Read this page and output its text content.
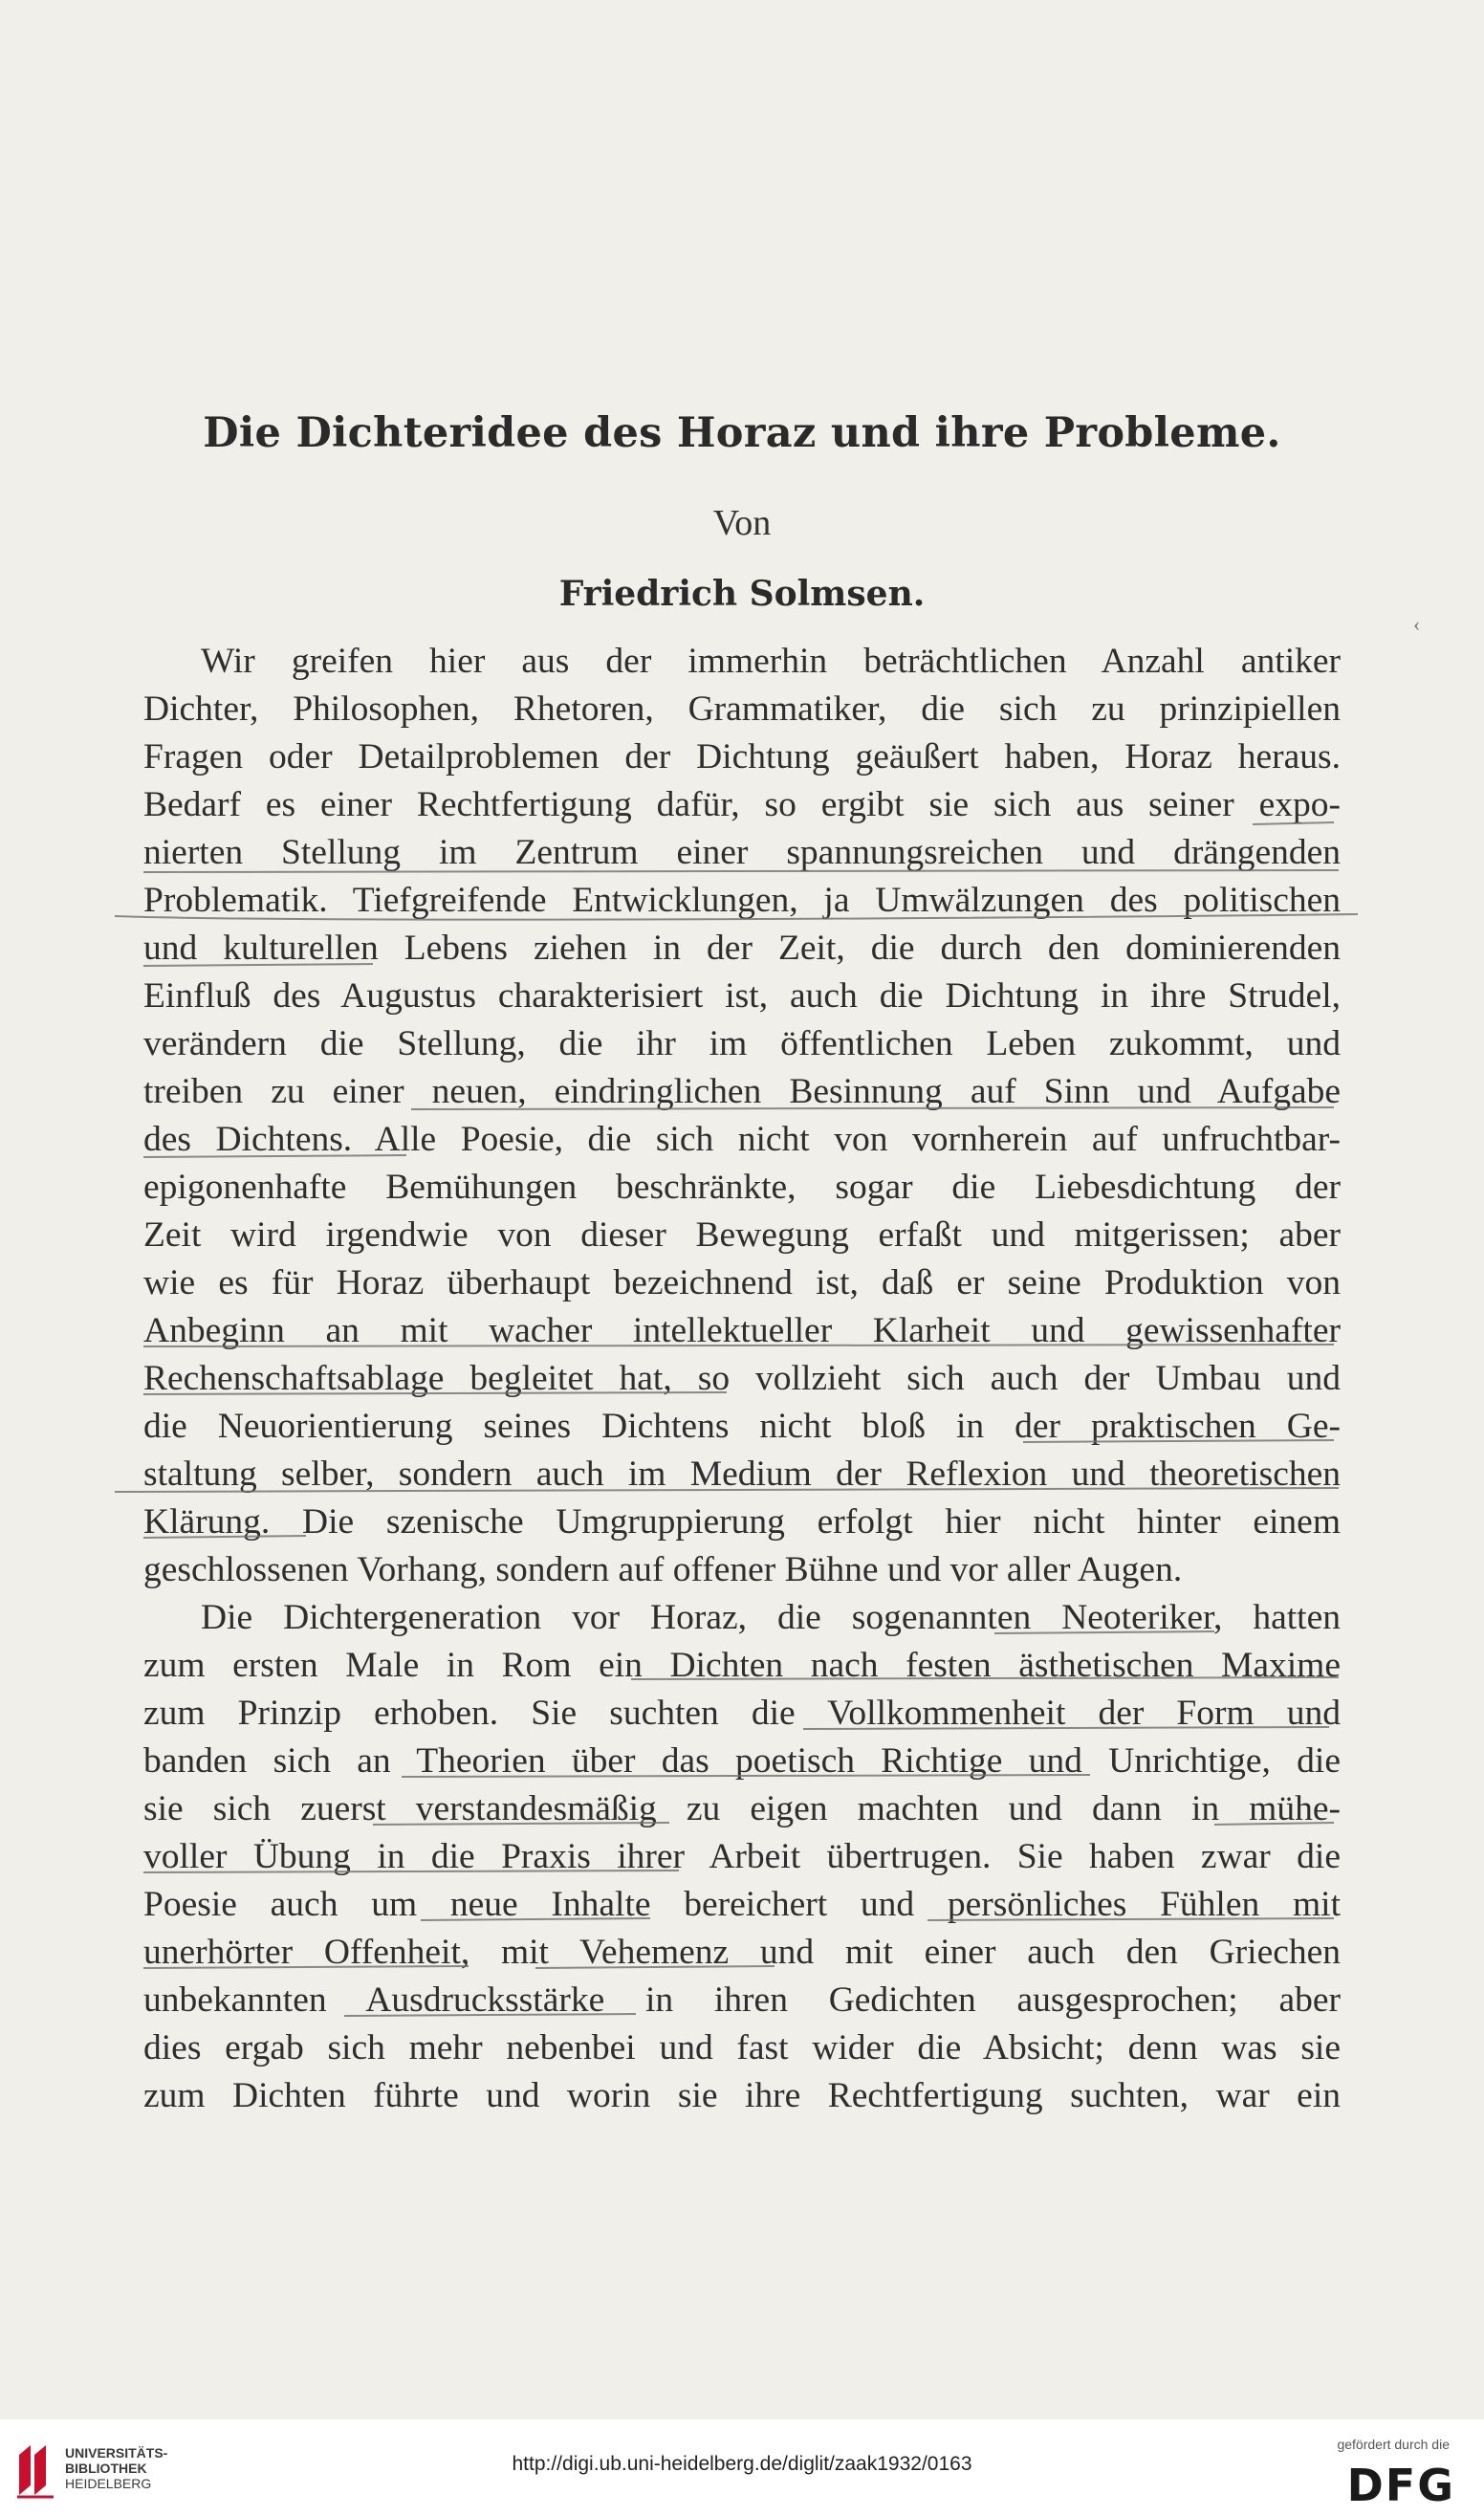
Die Dichteridee des Horaz und ihre Probleme.
Von
Friedrich Solmsen.
Wir greifen hier aus der immerhin beträchtlichen Anzahl antiker
Dichter, Philosophen, Rhetoren, Grammatiker, die sich zu prinzipiellen
Fragen oder Detailproblemen der Dichtung geäußert haben, Horaz heraus.
Bedarf es einer Rechtfertigung dafür, so ergibt sie sich aus seiner expo-
nierten Stellung im Zentrum einer spannungsreichen und drängenden
Problematik. Tiefgreifende Entwicklungen, ja Umwälzungen des politischen
und kulturellen Lebens ziehen in der Zeit, die durch den dominierenden
Einfluß des Augustus charakterisiert ist, auch die Dichtung in ihre Strudel,
verändern die Stellung, die ihr im öffentlichen Leben zukommt, und
treiben zu einer neuen, eindringlichen Besinnung auf Sinn und Aufgabe
des Dichtens. Alle Poesie, die sich nicht von vornherein auf unfruchtbar-
epigonenhafte Bemühungen beschränkte, sogar die Liebesdichtung der
Zeit wird irgendwie von dieser Bewegung erfaßt und mitgerissen; aber
wie es für Horaz überhaupt bezeichnend ist, daß er seine Produktion von
Anbeginn an mit wacher intellektueller Klarheit und gewissenhafter
Rechenschaftsablage begleitet hat, so vollzieht sich auch der Umbau und
die Neuorientierung seines Dichtens nicht bloß in der praktischen Ge-
staltung selber, sondern auch im Medium der Reflexion und theoretischen
Klärung. Die szenische Umgruppierung erfolgt hier nicht hinter einem
geschlossenen Vorhang, sondern auf offener Bühne und vor aller Augen.
Die Dichtergeneration vor Horaz, die sogenannten Neoteriker, hatten
zum ersten Male in Rom ein Dichten nach festen ästhetischen Maxime
zum Prinzip erhoben. Sie suchten die Vollkommenheit der Form und
banden sich an Theorien über das poetisch Richtige und Unrichtige, die
sie sich zuerst verstandesmäßig zu eigen machten und dann in mühe-
voller Übung in die Praxis ihrer Arbeit übertrugen. Sie haben zwar die
Poesie auch um neue Inhalte bereichert und persönliches Fühlen mit
unerhörter Offenheit, mit Vehemenz und mit einer auch den Griechen
unbekannten Ausdrucksstärke in ihren Gedichten ausgesprochen; aber
dies ergab sich mehr nebenbei und fast wider die Absicht; denn was sie
zum Dichten führte und worin sie ihre Rechtfertigung suchten, war ein
‹
UNIVERSITÄTS-
BIBLIOTHEK
HEIDELBERG
http://digi.ub.uni-heidelberg.de/diglit/zaak1932/0163
gefördert durch die
DFG
